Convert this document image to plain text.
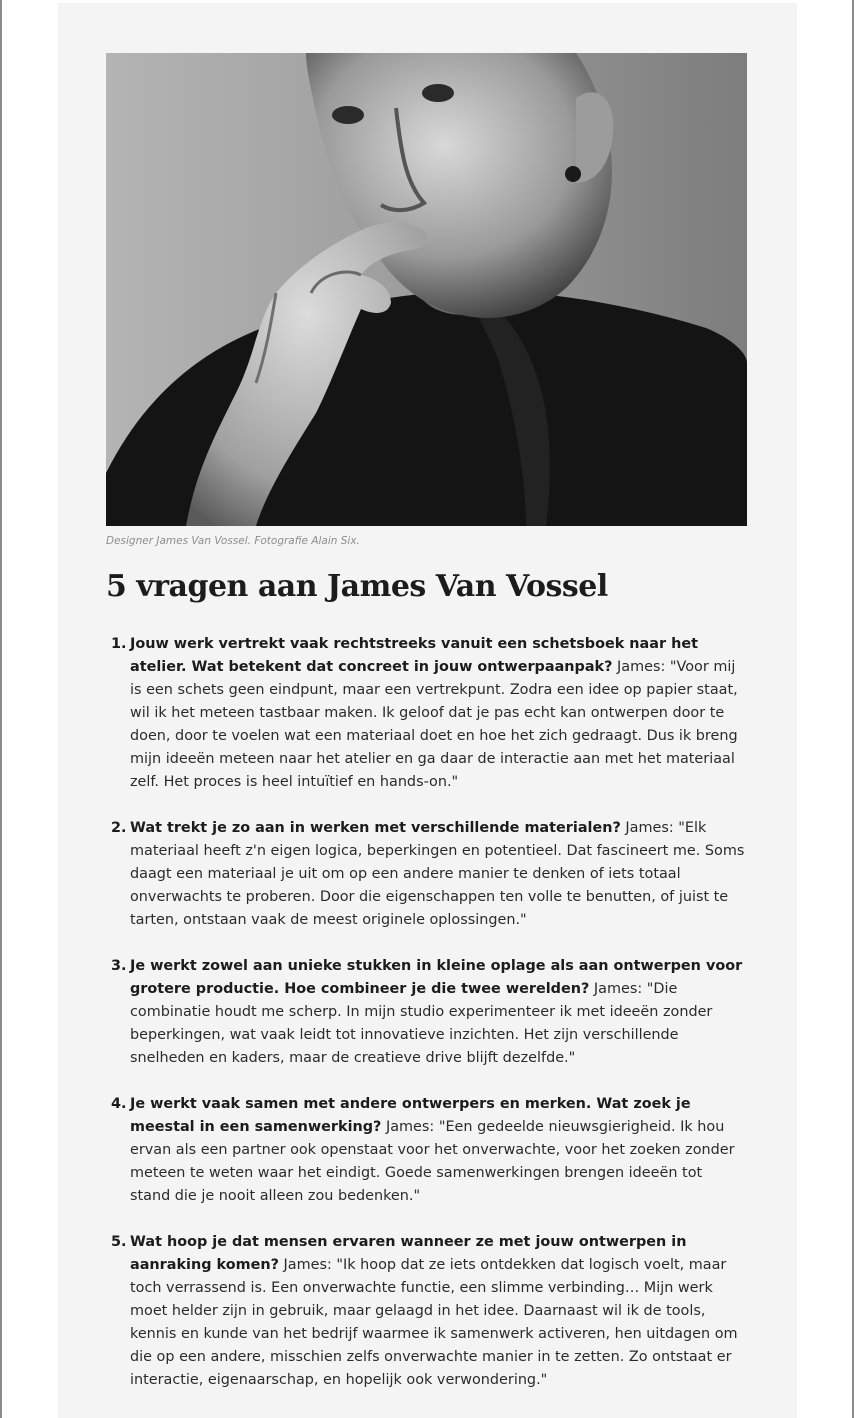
Designer James Van Vossel. Fotografie Alain Six.
5 vragen aan James Van Vossel
1. Jouw werk vertrekt vaak rechtstreeks vanuit een schetsboek naar het atelier. Wat betekent dat concreet in jouw ontwerpaanpak? James: "Voor mij is een schets geen eindpunt, maar een vertrekpunt. Zodra een idee op papier staat, wil ik het meteen tastbaar maken. Ik geloof dat je pas echt kan ontwerpen door te doen, door te voelen wat een materiaal doet en hoe het zich gedraagt. Dus ik breng mijn ideeën meteen naar het atelier en ga daar de interactie aan met het materiaal zelf. Het proces is heel intuïtief en hands-on."
2. Wat trekt je zo aan in werken met verschillende materialen? James: "Elk materiaal heeft z'n eigen logica, beperkingen en potentieel. Dat fascineert me. Soms daagt een materiaal je uit om op een andere manier te denken of iets totaal onverwachts te proberen. Door die eigenschappen ten volle te benutten, of juist te tarten, ontstaan vaak de meest originele oplossingen."
3. Je werkt zowel aan unieke stukken in kleine oplage als aan ontwerpen voor grotere productie. Hoe combineer je die twee werelden? James: "Die combinatie houdt me scherp. In mijn studio experimenteer ik met ideeën zonder beperkingen, wat vaak leidt tot innovatieve inzichten. Het zijn verschillende snelheden en kaders, maar de creatieve drive blijft dezelfde."
4. Je werkt vaak samen met andere ontwerpers en merken. Wat zoek je meestal in een samenwerking? James: "Een gedeelde nieuwsgierigheid. Ik hou ervan als een partner ook openstaat voor het onverwachte, voor het zoeken zonder meteen te weten waar het eindigt. Goede samenwerkingen brengen ideeën tot stand die je nooit alleen zou bedenken."
5. Wat hoop je dat mensen ervaren wanneer ze met jouw ontwerpen in aanraking komen? James: "Ik hoop dat ze iets ontdekken dat logisch voelt, maar toch verrassend is. Een onverwachte functie, een slimme verbinding… Mijn werk moet helder zijn in gebruik, maar gelaagd in het idee. Daarnaast wil ik de tools, kennis en kunde van het bedrijf waarmee ik samenwerk activeren, hen uitdagen om die op een andere, misschien zelfs onverwachte manier in te zetten. Zo ontstaat er interactie, eigenaarschap, en hopelijk ook verwondering."
